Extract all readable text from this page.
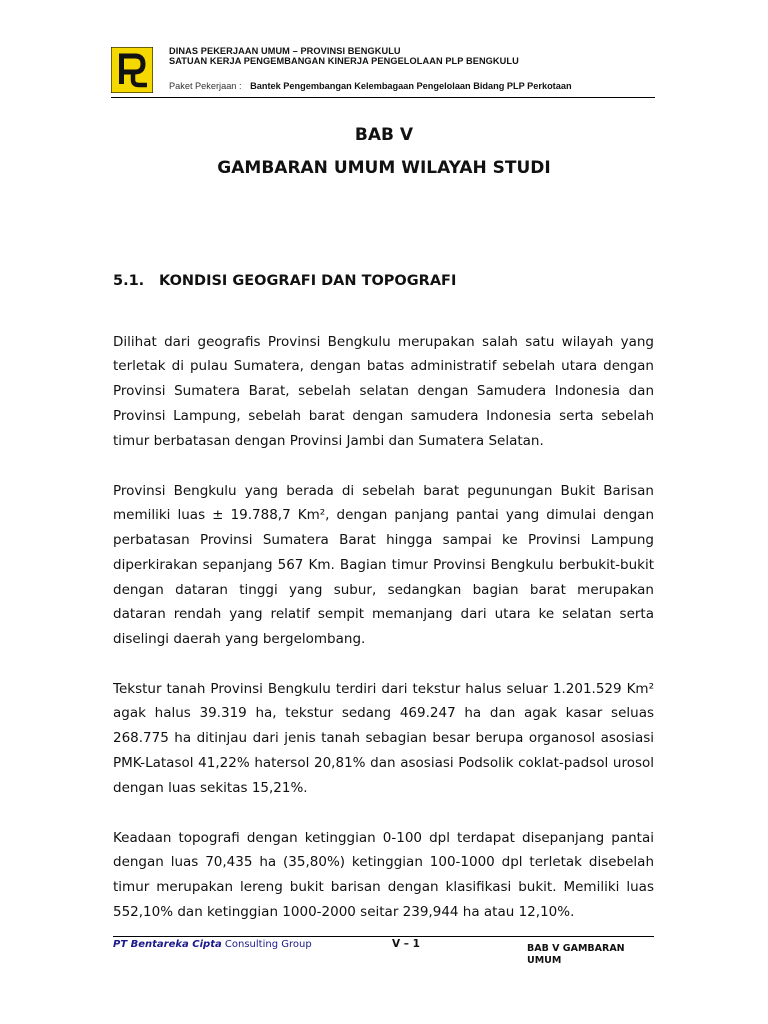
DINAS PEKERJAAN UMUM – PROVINSI BENGKULU
SATUAN KERJA PENGEMBANGAN KINERJA PENGELOLAAN PLP BENGKULU
Paket Pekerjaan : Bantek Pengembangan Kelembagaan Pengelolaan Bidang PLP Perkotaan
BAB V
GAMBARAN UMUM WILAYAH STUDI
5.1. KONDISI GEOGRAFI DAN TOPOGRAFI

Dilihat dari geografis Provinsi Bengkulu merupakan salah satu wilayah yang terletak di pulau Sumatera, dengan batas administratif sebelah utara dengan Provinsi Sumatera Barat, sebelah selatan dengan Samudera Indonesia dan Provinsi Lampung, sebelah barat dengan samudera Indonesia serta sebelah timur berbatasan dengan Provinsi Jambi dan Sumatera Selatan.

Provinsi Bengkulu yang berada di sebelah barat pegunungan Bukit Barisan memiliki luas ± 19.788,7 Km², dengan panjang pantai yang dimulai dengan perbatasan Provinsi Sumatera Barat hingga sampai ke Provinsi Lampung diperkirakan sepanjang 567 Km. Bagian timur Provinsi Bengkulu berbukit-bukit dengan dataran tinggi yang subur, sedangkan bagian barat merupakan dataran rendah yang relatif sempit memanjang dari utara ke selatan serta diselingi daerah yang bergelombang.

Tekstur tanah Provinsi Bengkulu terdiri dari tekstur halus seluar 1.201.529 Km² agak halus 39.319 ha, tekstur sedang 469.247 ha dan agak kasar seluas 268.775 ha ditinjau dari jenis tanah sebagian besar berupa organosol asosiasi PMK-Latasol 41,22% hatersol 20,81% dan asosiasi Podsolik coklat-padsol urosol dengan luas sekitas 15,21%.

Keadaan topografi dengan ketinggian 0-100 dpl terdapat disepanjang pantai dengan luas 70,435 ha (35,80%) ketinggian 100-1000 dpl terletak disebelah timur merupakan lereng bukit barisan dengan klasifikasi bukit. Memiliki luas 552,10% dan ketinggian 1000-2000 seitar 239,944 ha atau 12,10%.

PT Bentareka Cipta Consulting Group	V – 1	BAB V GAMBARAN UMUM
